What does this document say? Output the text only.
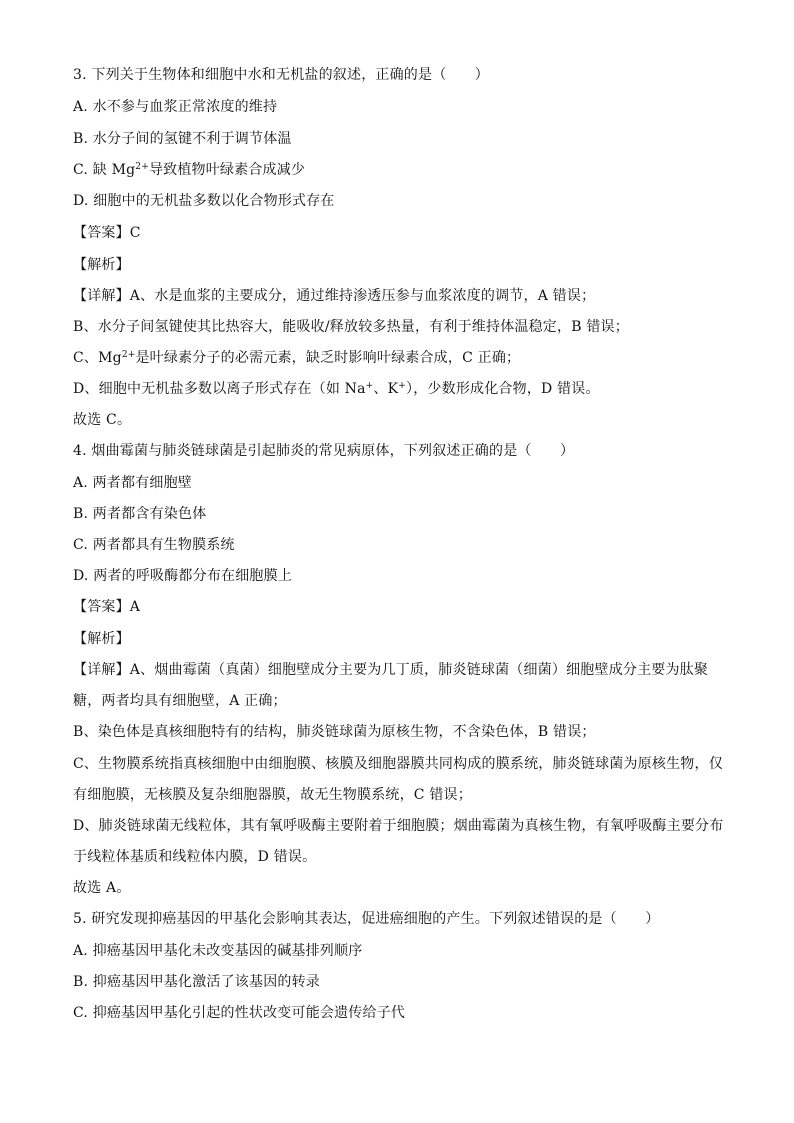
3. 下列关于生物体和细胞中水和无机盐的叙述，正确的是（　　）
A. 水不参与血浆正常浓度的维持
B. 水分子间的氢键不利于调节体温
C. 缺 $Mg^{2+}$导致植物叶绿素合成减少
D. 细胞中的无机盐多数以化合物形式存在
【答案】C
【解析】
【详解】A、水是血浆的主要成分，通过维持渗透压参与血浆浓度的调节，A 错误；
B、水分子间氢键使其比热容大，能吸收/释放较多热量，有利于维持体温稳定，B 错误；
C、$Mg^{2+}$是叶绿素分子的必需元素，缺乏时影响叶绿素合成，C 正确；
D、细胞中无机盐多数以离子形式存在（如 Na+、K+），少数形成化合物，D 错误。
故选 C。
4. 烟曲霉菌与肺炎链球菌是引起肺炎的常见病原体，下列叙述正确的是（　　）
A. 两者都有细胞壁
B. 两者都含有染色体
C. 两者都具有生物膜系统
D. 两者的呼吸酶都分布在细胞膜上
【答案】A
【解析】
【详解】A、烟曲霉菌（真菌）细胞壁成分主要为几丁质，肺炎链球菌（细菌）细胞壁成分主要为肽聚
糖，两者均具有细胞壁，A 正确；
B、染色体是真核细胞特有的结构，肺炎链球菌为原核生物，不含染色体，B 错误；
C、生物膜系统指真核细胞中由细胞膜、核膜及细胞器膜共同构成的膜系统，肺炎链球菌为原核生物，仅
有细胞膜，无核膜及复杂细胞器膜，故无生物膜系统，C 错误；
D、肺炎链球菌无线粒体，其有氧呼吸酶主要附着于细胞膜；烟曲霉菌为真核生物，有氧呼吸酶主要分布
于线粒体基质和线粒体内膜，D 错误。
故选 A。
5. 研究发现抑癌基因的甲基化会影响其表达，促进癌细胞的产生。下列叙述错误的是（　　）
A. 抑癌基因甲基化未改变基因的碱基排列顺序
B. 抑癌基因甲基化激活了该基因的转录
C. 抑癌基因甲基化引起的性状改变可能会遗传给子代
